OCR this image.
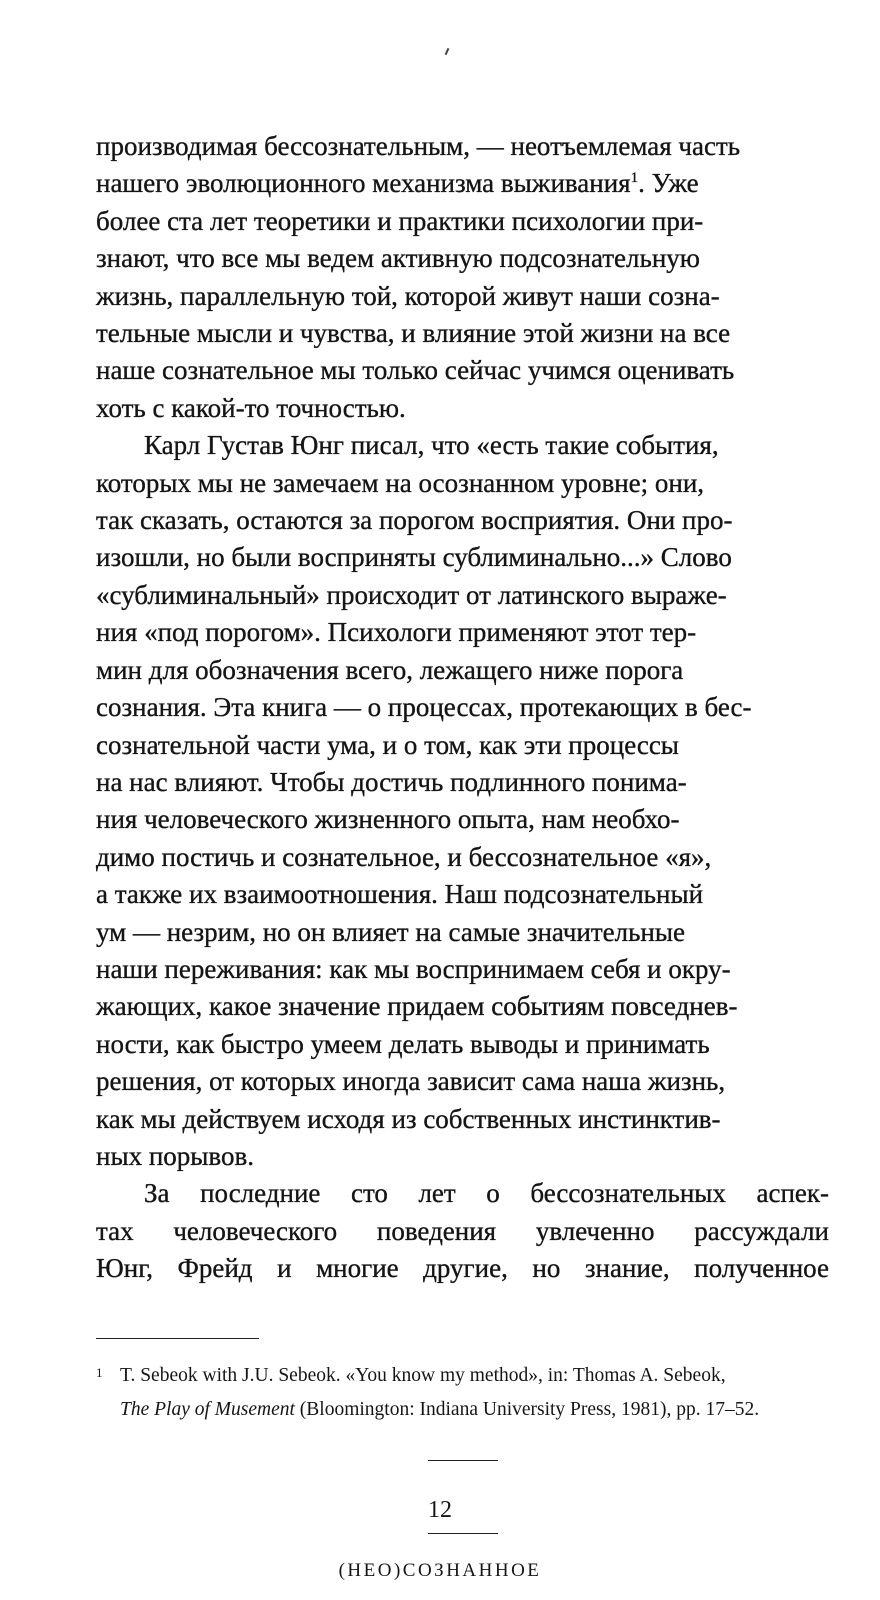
производимая бессознательным, — неотъемлемая часть
нашего эволюционного механизма выживания$^1$. Уже
более ста лет теоретики и практики психологии при-
знают, что все мы ведем активную подсознательную
жизнь, параллельную той, которой живут наши созна-
тельные мысли и чувства, и влияние этой жизни на все
наше сознательное мы только сейчас учимся оценивать
хоть с какой-то точностью.
Карл Густав Юнг писал, что «есть такие события,
которых мы не замечаем на осознанном уровне; они,
так сказать, остаются за порогом восприятия. Они про-
изошли, но были восприняты сублиминально...» Слово
«сублиминальный» происходит от латинского выраже-
ния «под порогом». Психологи применяют этот тер-
мин для обозначения всего, лежащего ниже порога
сознания. Эта книга — о процессах, протекающих в бес-
сознательной части ума, и о том, как эти процессы
на нас влияют. Чтобы достичь подлинного понима-
ния человеческого жизненного опыта, нам необхо-
димо постичь и сознательное, и бессознательное «я»,
а также их взаимоотношения. Наш подсознательный
ум — незрим, но он влияет на самые значительные
наши переживания: как мы воспринимаем себя и окру-
жающих, какое значение придаем событиям повседнев-
ности, как быстро умеем делать выводы и принимать
решения, от которых иногда зависит сама наша жизнь,
как мы действуем исходя из собственных инстинктив-
ных порывов.
За последние сто лет о бессознательных аспек-
тах человеческого поведения увлеченно рассуждали
Юнг, Фрейд и многие другие, но знание, полученное

1 T. Sebeok with J.U. Sebeok. «You know my method», in: Thomas A. Sebeok,
The Play of Musement (Bloomington: Indiana University Press, 1981), pp. 17–52.

12
(НЕО)СОЗНАННОЕ
